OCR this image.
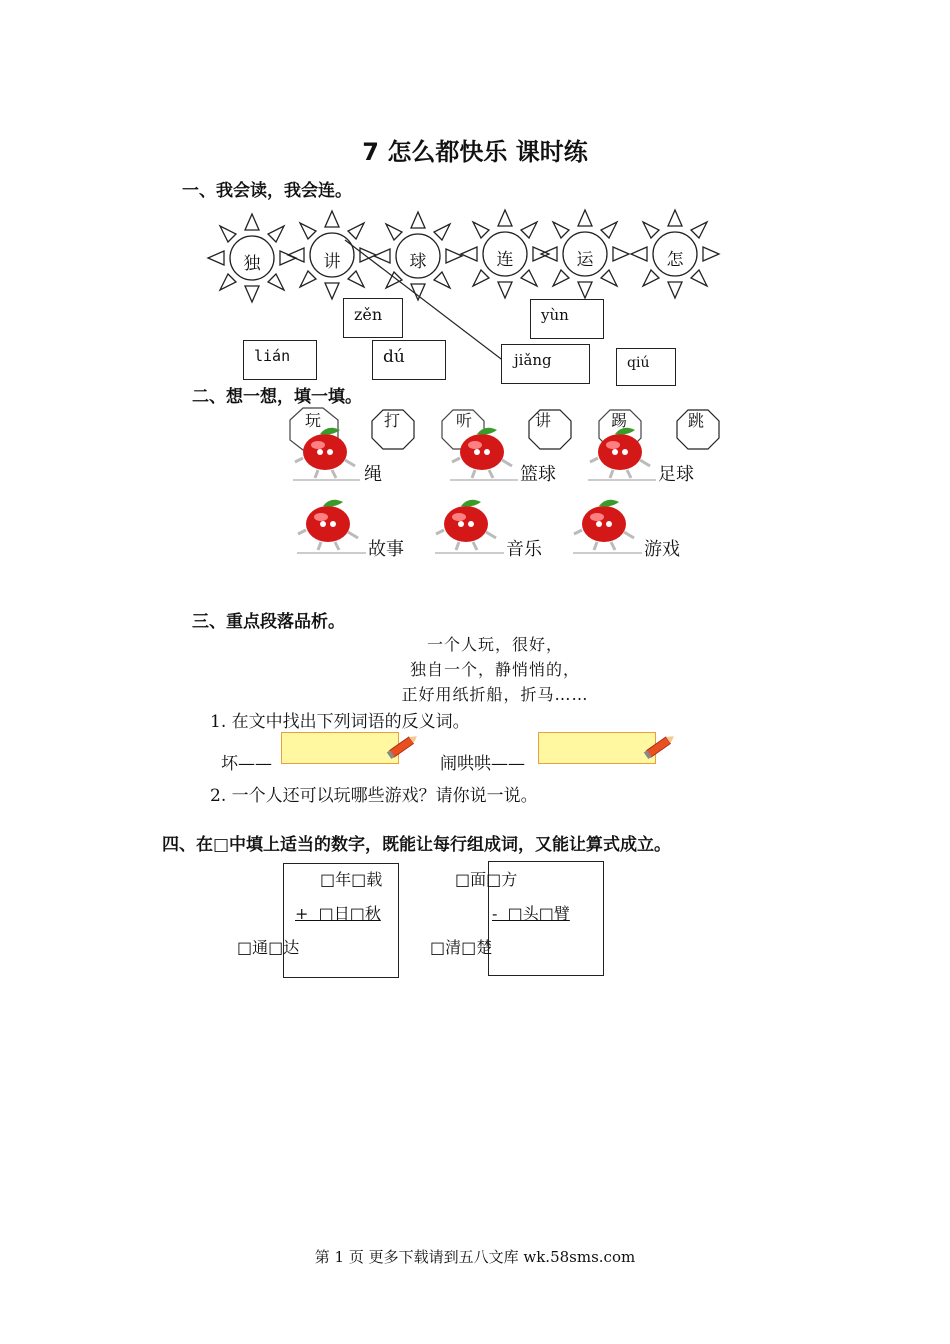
7 怎么都快乐 课时练
一、我会读，我会连。
独	讲	球	连	运	怎
zěn	yùn
lián	dú	jiǎng	qiú
二、想一想，填一填。
玩	打	听	讲	踢	跳
绳	篮球	足球
故事	音乐	游戏
三、重点段落品析。
一个人玩，很好，
独自一个，静悄悄的，
正好用纸折船，折马……
1. 在文中找出下列词语的反义词。
坏——	闹哄哄——
2. 一个人还可以玩哪些游戏？请你说一说。
四、在□中填上适当的数字，既能让每行组成词，又能让算式成立。
□年□载
+  □日□秋
□通□达
□面□方
-  □头□臂
□清□楚
第 1 页 更多下载请到五八文库 wk.58sms.com
